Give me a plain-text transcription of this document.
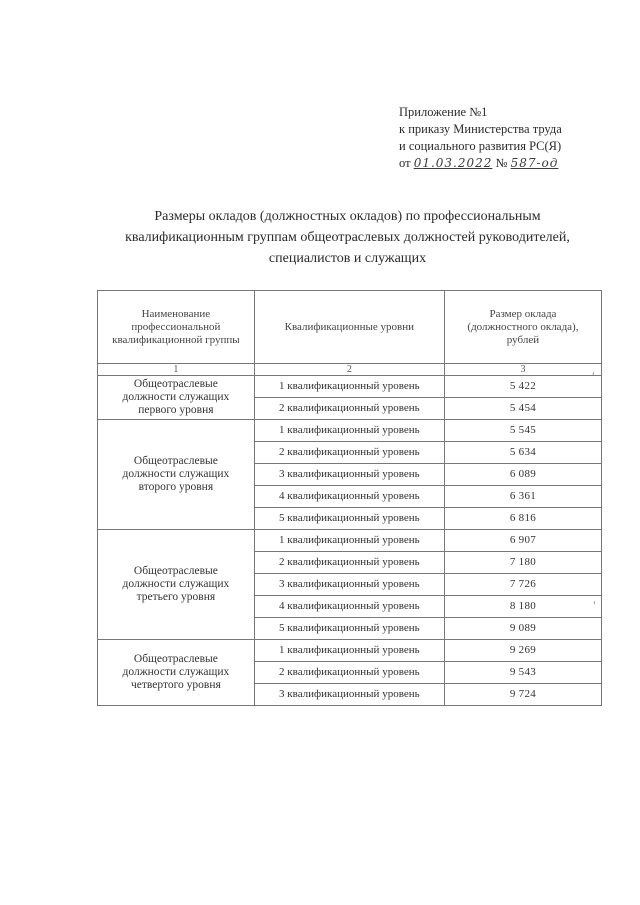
Приложение №1
к приказу Министерства труда
и социального развития РС(Я)
от 01.03.2022 № 587-од
Размеры окладов (должностных окладов) по профессиональным
квалификационным группам общеотраслевых должностей руководителей,
специалистов и служащих
Наименование профессиональной квалификационной группы	Квалификационные уровни	Размер оклада (должностного оклада), рублей
1	2	3
Общеотраслевые должности служащих первого уровня	1 квалификационный уровень	5 422
	2 квалификационный уровень	5 454
Общеотраслевые должности служащих второго уровня	1 квалификационный уровень	5 545
	2 квалификационный уровень	5 634
	3 квалификационный уровень	6 089
	4 квалификационный уровень	6 361
	5 квалификационный уровень	6 816
Общеотраслевые должности служащих третьего уровня	1 квалификационный уровень	6 907
	2 квалификационный уровень	7 180
	3 квалификационный уровень	7 726
	4 квалификационный уровень	8 180
	5 квалификационный уровень	9 089
Общеотраслевые должности служащих четвертого уровня	1 квалификационный уровень	9 269
	2 квалификационный уровень	9 543
	3 квалификационный уровень	9 724
‹
‹
